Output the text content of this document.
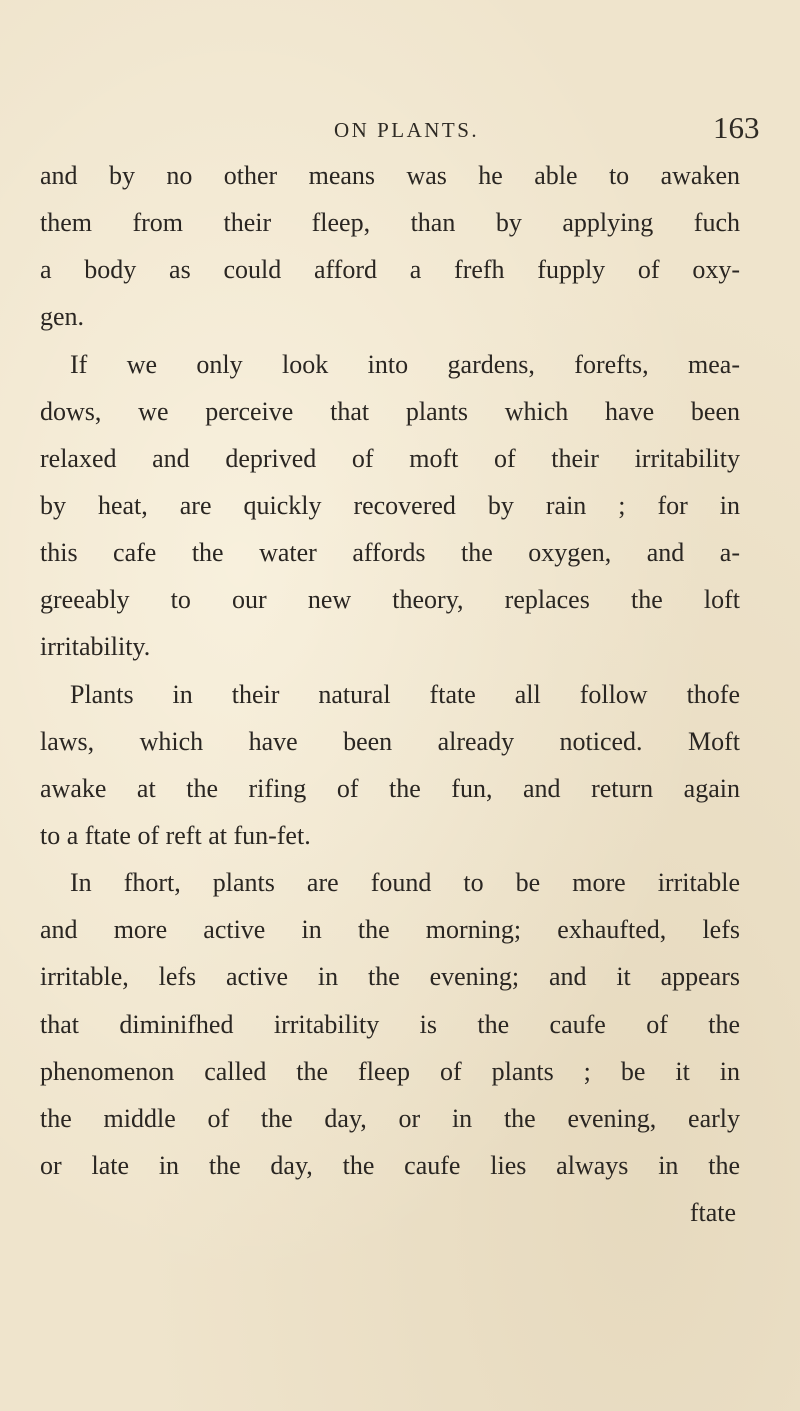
ON PLANTS.	163
and by no other means was he able to awaken
them from their fleep, than by applying fuch
a body as could afford a frefh fupply of oxy-
gen.
If we only look into gardens, forefts, mea-
dows, we perceive that plants which have been
relaxed and deprived of moft of their irritability
by heat, are quickly recovered by rain ; for in
this cafe the water affords the oxygen, and a-
greeably to our new theory, replaces the loft
irritability.
Plants in their natural ftate all follow thofe
laws, which have been already noticed. Moft
awake at the rifing of the fun, and return again
to a ftate of reft at fun-fet.
In fhort, plants are found to be more irritable
and more active in the morning; exhaufted, lefs
irritable, lefs active in the evening; and it appears
that diminifhed irritability is the caufe of the
phenomenon called the fleep of plants ; be it in
the middle of the day, or in the evening, early
or late in the day, the caufe lies always in the
ftate
